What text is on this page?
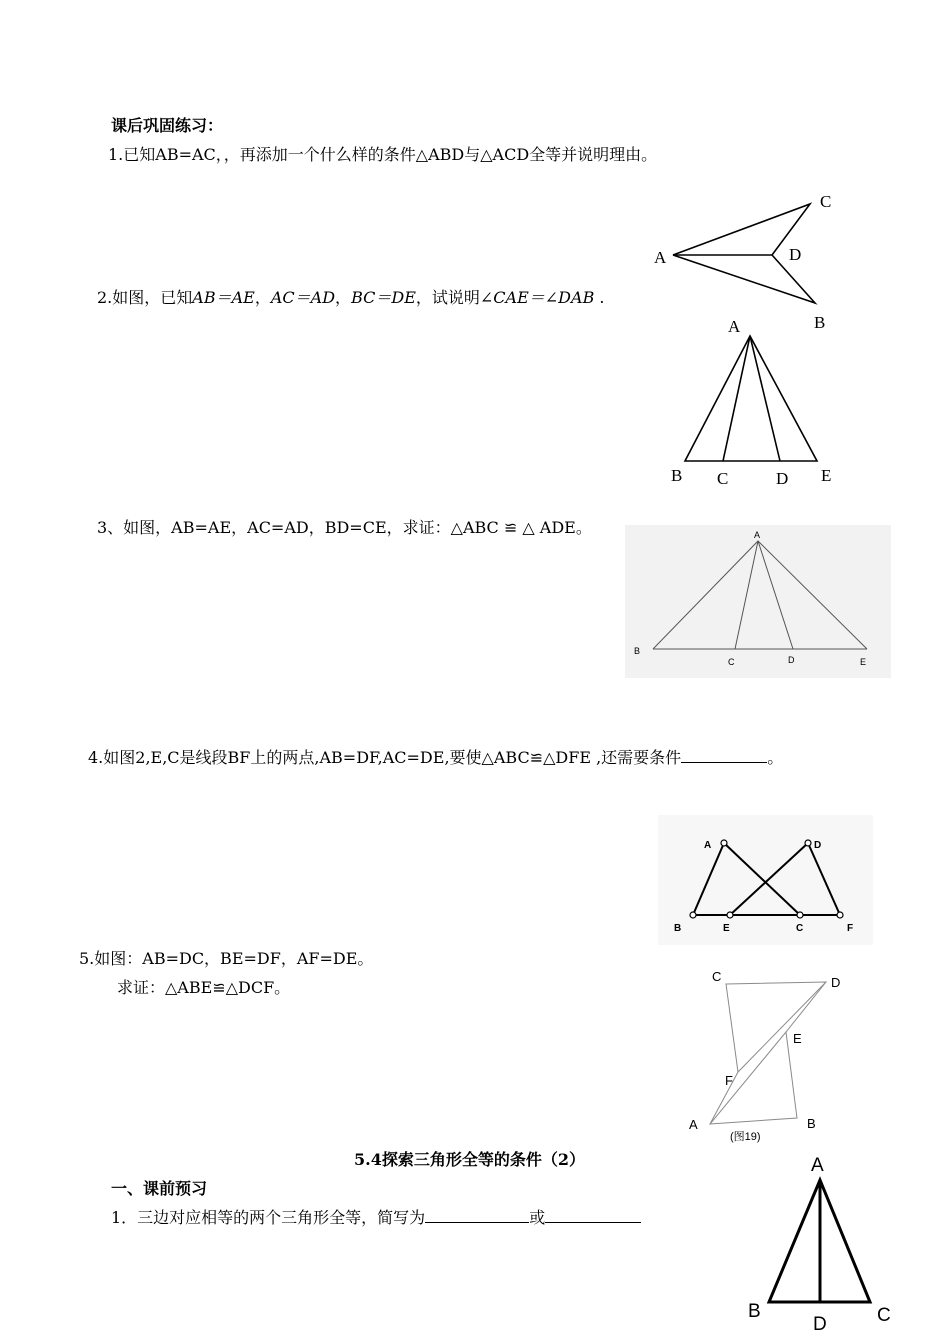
课后巩固练习：
1.已知AB=AC，，再添加一个什么样的条件△ABD与△ACD全等并说明理由。
A
C
D
B
2.如图，已知AB＝AE，AC＝AD，BC＝DE，试说明∠CAE＝∠DAB .
A
B C	D E
3、如图，AB=AE，AC=AD，BD=CE，求证：△ABC ≌ △ ADE。	A
B
C	D	E
4.如图2,E,C是线段BF上的两点,AB=DF,AC=DE,要使△ABC≌△DFE ,还需要条件	。
A	D
B	E	C	F
5.如图：AB=DC，BE=DF，AF=DE。
求证：△ABE≌△DCF。
C	D
E
F
A	B
(图19)
5.4探索三角形全等的条件（2）
一、课前预习
1．三边对应相等的两个三角形全等，简写为	或
A
B	C
D
